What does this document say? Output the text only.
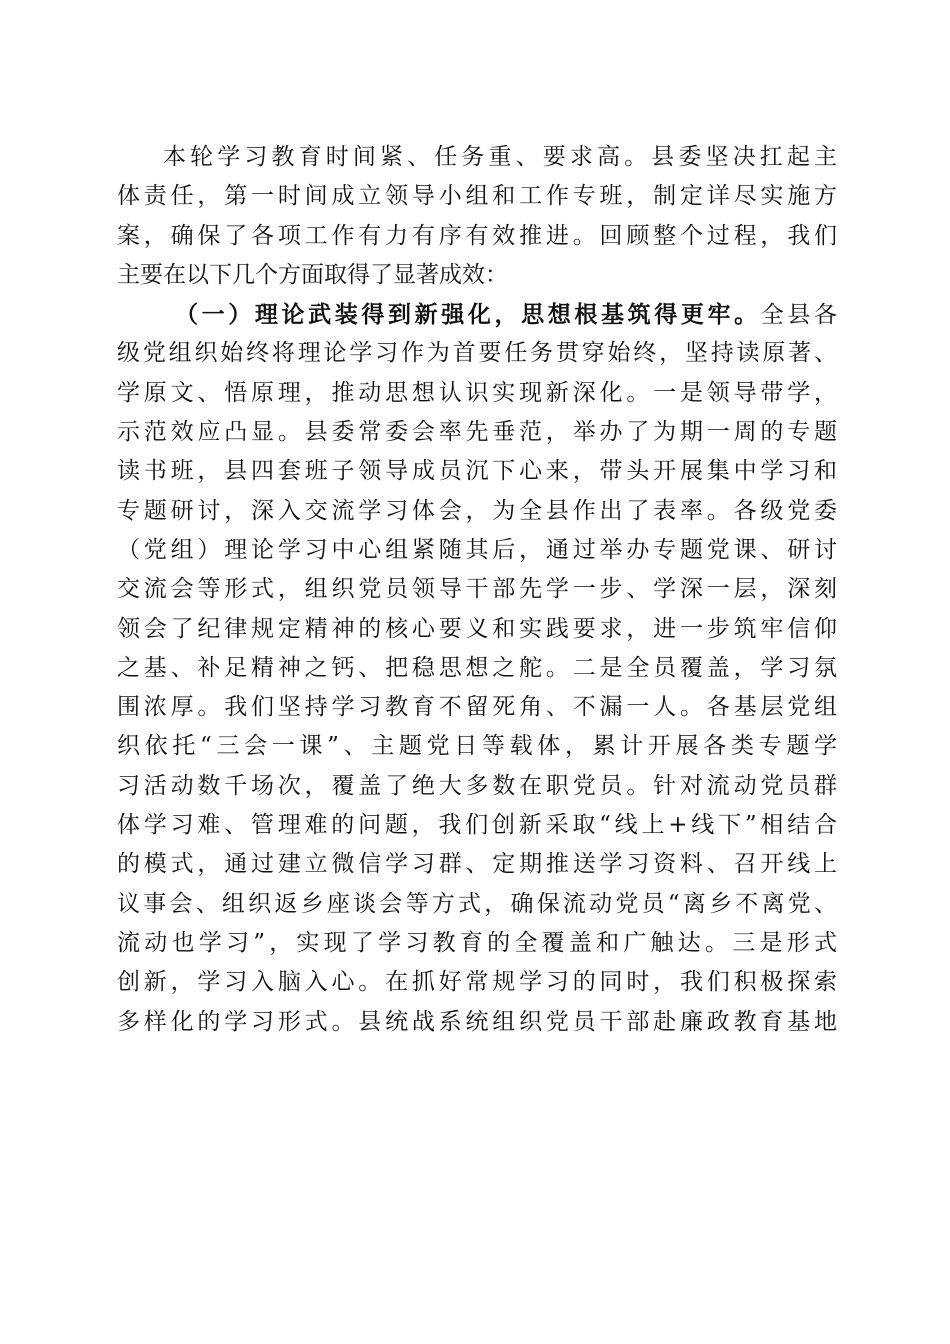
本轮学习教育时间紧、任务重、要求高。县委坚决扛起主
体责任，第一时间成立领导小组和工作专班，制定详尽实施方
案，确保了各项工作有力有序有效推进。回顾整个过程，我们
主要在以下几个方面取得了显著成效：
（一）理论武装得到新强化，思想根基筑得更牢。全县各
级党组织始终将理论学习作为首要任务贯穿始终，坚持读原著、
学原文、悟原理，推动思想认识实现新深化。一是领导带学，
示范效应凸显。县委常委会率先垂范，举办了为期一周的专题
读书班，县四套班子领导成员沉下心来，带头开展集中学习和
专题研讨，深入交流学习体会，为全县作出了表率。各级党委
（党组）理论学习中心组紧随其后，通过举办专题党课、研讨
交流会等形式，组织党员领导干部先学一步、学深一层，深刻
领会了纪律规定精神的核心要义和实践要求，进一步筑牢信仰
之基、补足精神之钙、把稳思想之舵。二是全员覆盖，学习氛
围浓厚。我们坚持学习教育不留死角、不漏一人。各基层党组
织依托“三会一课”、主题党日等载体，累计开展各类专题学
习活动数千场次，覆盖了绝大多数在职党员。针对流动党员群
体学习难、管理难的问题，我们创新采取“线上+线下”相结合
的模式，通过建立微信学习群、定期推送学习资料、召开线上
议事会、组织返乡座谈会等方式，确保流动党员“离乡不离党、
流动也学习”，实现了学习教育的全覆盖和广触达。三是形式
创新，学习入脑入心。在抓好常规学习的同时，我们积极探索
多样化的学习形式。县统战系统组织党员干部赴廉政教育基地
